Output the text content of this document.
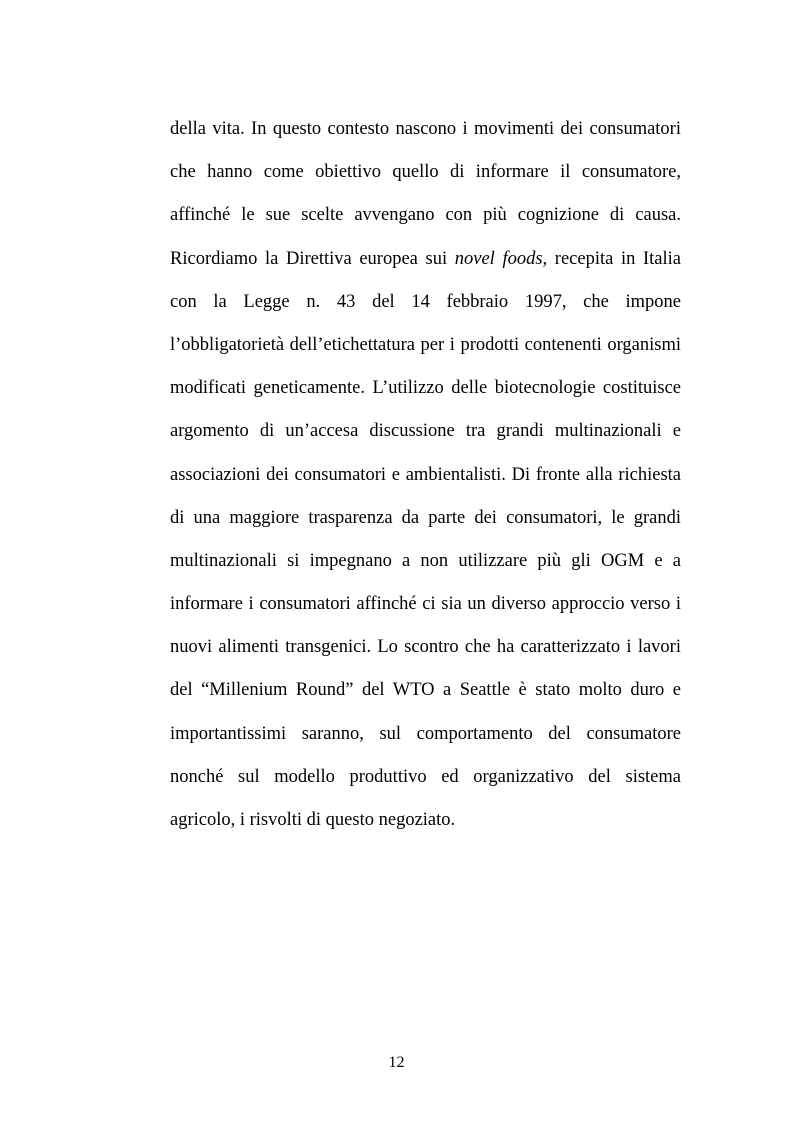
della vita. In questo contesto nascono i movimenti dei consumatori
che hanno come obiettivo quello di informare il consumatore,
affinché le sue scelte avvengano con più cognizione di causa.
Ricordiamo la Direttiva europea sui novel foods, recepita in Italia
con la Legge n. 43 del 14 febbraio 1997, che impone
l’obbligatorietà dell’etichettatura per i prodotti contenenti organismi
modificati geneticamente. L’utilizzo delle biotecnologie costituisce
argomento di un’accesa discussione tra grandi multinazionali e
associazioni dei consumatori e ambientalisti. Di fronte alla richiesta
di una maggiore trasparenza da parte dei consumatori, le grandi
multinazionali si impegnano a non utilizzare più gli OGM e a
informare i consumatori affinché ci sia un diverso approccio verso i
nuovi alimenti transgenici. Lo scontro che ha caratterizzato i lavori
del “Millenium Round” del WTO a Seattle è stato molto duro e
importantissimi saranno, sul comportamento del consumatore
nonché sul modello produttivo ed organizzativo del sistema
agricolo, i risvolti di questo negoziato.
12
